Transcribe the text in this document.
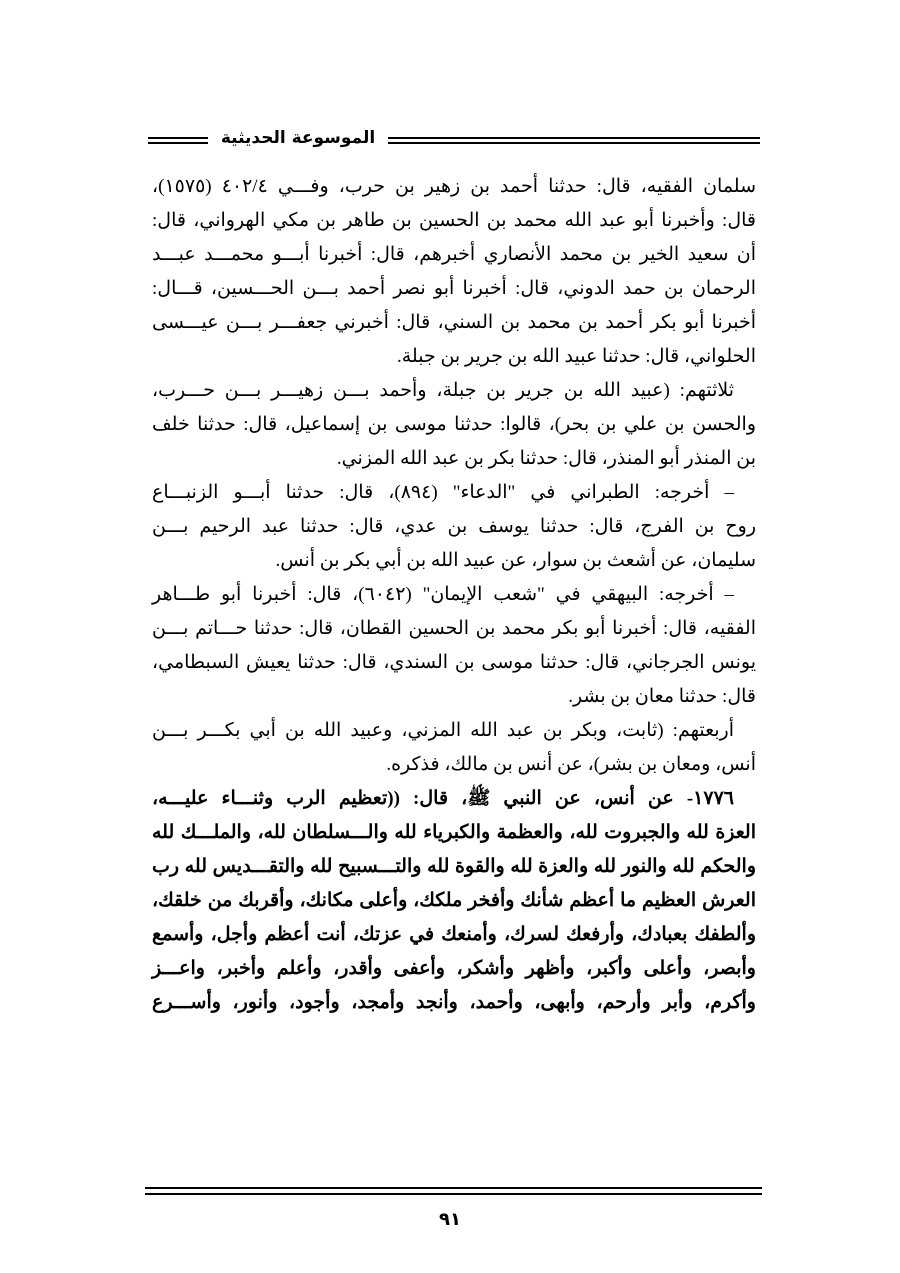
الموسوعة الحديثية
سلمان الفقيه، قال: حدثنا أحمد بن زهير بن حرب، وفـــي ٤٠٢/٤ (١٥٧٥)،
قال: وأخبرنا أبو عبد الله محمد بن الحسين بن طاهر بن مكي الهرواني، قال:
أن سعيد الخير بن محمد الأنصاري أخبرهم، قال: أخبرنا أبـــو محمـــد عبـــد
الرحمان بن حمد الدوني، قال: أخبرنا أبو نصر أحمد بـــن الحـــسين، قـــال:
أخبرنا أبو بكر أحمد بن محمد بن السني، قال: أخبرني جعفـــر بـــن عيـــسى
الحلواني، قال: حدثنا عبيد الله بن جرير بن جبلة.
ثلاثتهم: (عبيد الله بن جرير بن جبلة، وأحمد بـــن زهيـــر بـــن حـــرب،
والحسن بن علي بن بحر)، قالوا: حدثنا موسى بن إسماعيل، قال: حدثنا خلف
بن المنذر أبو المنذر، قال: حدثنا بكر بن عبد الله المزني.
– أخرجه: الطبراني في "الدعاء" (٨٩٤)، قال: حدثنا أبـــو الزنبـــاع
روح بن الفرج، قال: حدثنا يوسف بن عدي، قال: حدثنا عبد الرحيم بـــن
سليمان، عن أشعث بن سوار، عن عبيد الله بن أبي بكر بن أنس.
– أخرجه: البيهقي في "شعب الإيمان" (٦٠٤٢)، قال: أخبرنا أبو طـــاهر
الفقيه، قال: أخبرنا أبو بكر محمد بن الحسين القطان، قال: حدثنا حـــاتم بـــن
يونس الجرجاني، قال: حدثنا موسى بن السندي، قال: حدثنا يعيش السبطامي،
قال: حدثنا معان بن بشر.
أربعتهم: (ثابت، وبكر بن عبد الله المزني، وعبيد الله بن أبي بكـــر بـــن
أنس، ومعان بن بشر)، عن أنس بن مالك، فذكره.
١٧٧٦- عن أنس، عن النبي ﷺ، قال: ((تعظيم الرب وثنـــاء عليـــه،
العزة لله والجبروت لله، والعظمة والكبرياء لله والـــسلطان لله، والملـــك لله
والحكم لله والنور لله والعزة لله والقوة لله والتـــسبيح لله والتقـــديس لله رب
العرش العظيم ما أعظم شأنك وأفخر ملكك، وأعلى مكانك، وأقربك من خلقك،
وألطفك بعبادك، وأرفعك لسرك، وأمنعك في عزتك، أنت أعظم وأجل، وأسمع
وأبصر، وأعلى وأكبر، وأظهر وأشكر، وأعفى وأقدر، وأعلم وأخبر، واعـــز
وأكرم، وأبر وأرحم، وأبهى، وأحمد، وأنجد وأمجد، وأجود، وأنور، وأســـرع
٩١
